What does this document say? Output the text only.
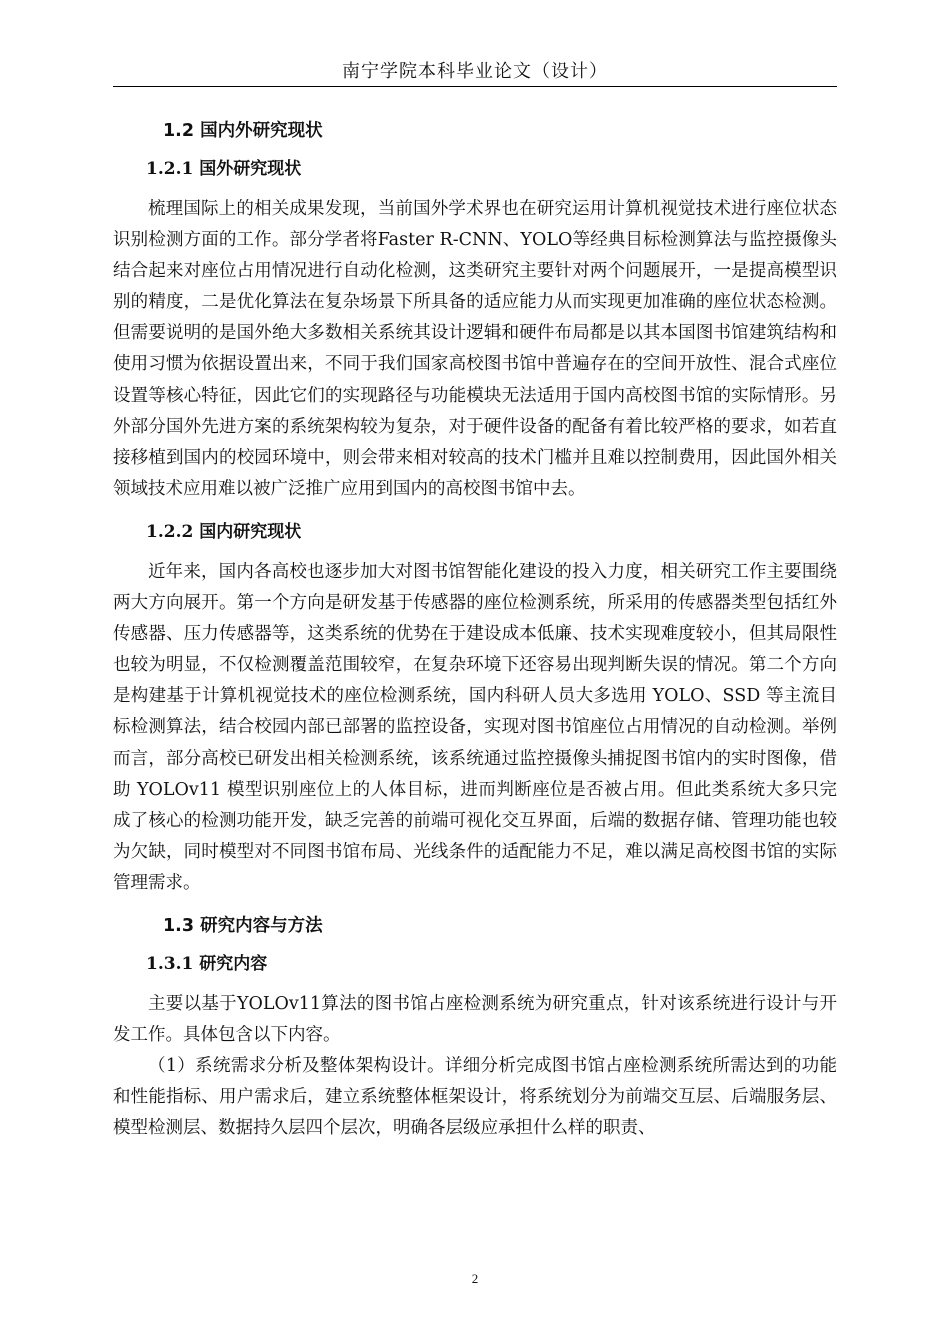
南宁学院本科毕业论文（设计）
1.2 国内外研究现状
1.2.1 国外研究现状

梳理国际上的相关成果发现，当前国外学术界也在研究运用计算机视觉技术进行座位状态识别检测方面的工作。部分学者将Faster R-CNN、YOLO等经典目标检测算法与监控摄像头结合起来对座位占用情况进行自动化检测，这类研究主要针对两个问题展开，一是提高模型识别的精度，二是优化算法在复杂场景下所具备的适应能力从而实现更加准确的座位状态检测。但需要说明的是国外绝大多数相关系统其设计逻辑和硬件布局都是以其本国图书馆建筑结构和使用习惯为依据设置出来，不同于我们国家高校图书馆中普遍存在的空间开放性、混合式座位设置等核心特征，因此它们的实现路径与功能模块无法适用于国内高校图书馆的实际情形。另外部分国外先进方案的系统架构较为复杂，对于硬件设备的配备有着比较严格的要求，如若直接移植到国内的校园环境中，则会带来相对较高的技术门槛并且难以控制费用，因此国外相关领域技术应用难以被广泛推广应用到国内的高校图书馆中去。

1.2.2 国内研究现状

近年来，国内各高校也逐步加大对图书馆智能化建设的投入力度，相关研究工作主要围绕两大方向展开。第一个方向是研发基于传感器的座位检测系统，所采用的传感器类型包括红外传感器、压力传感器等，这类系统的优势在于建设成本低廉、技术实现难度较小，但其局限性也较为明显，不仅检测覆盖范围较窄，在复杂环境下还容易出现判断失误的情况。第二个方向是构建基于计算机视觉技术的座位检测系统，国内科研人员大多选用 YOLO、SSD 等主流目标检测算法，结合校园内部已部署的监控设备，实现对图书馆座位占用情况的自动检测。举例而言，部分高校已研发出相关检测系统，该系统通过监控摄像头捕捉图书馆内的实时图像，借助 YOLOv11 模型识别座位上的人体目标，进而判断座位是否被占用。但此类系统大多只完成了核心的检测功能开发，缺乏完善的前端可视化交互界面，后端的数据存储、管理功能也较为欠缺，同时模型对不同图书馆布局、光线条件的适配能力不足，难以满足高校图书馆的实际管理需求。

1.3 研究内容与方法
1.3.1 研究内容

主要以基于YOLOv11算法的图书馆占座检测系统为研究重点，针对该系统进行设计与开发工作。具体包含以下内容。

（1）系统需求分析及整体架构设计。详细分析完成图书馆占座检测系统所需达到的功能和性能指标、用户需求后，建立系统整体框架设计，将系统划分为前端交互层、后端服务层、模型检测层、数据持久层四个层次，明确各层级应承担什么样的职责、

2
